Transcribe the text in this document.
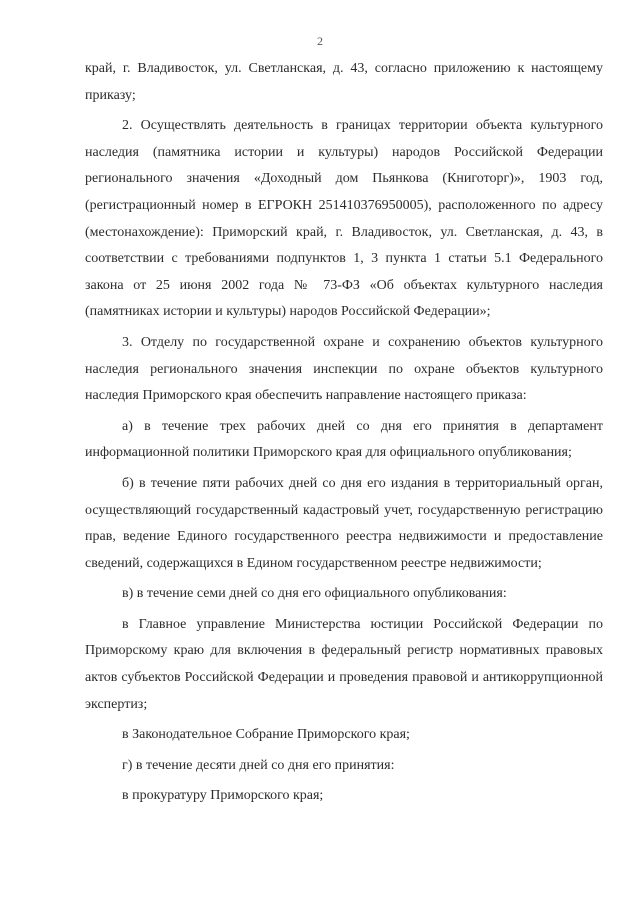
2

край, г. Владивосток, ул. Светланская, д. 43, согласно приложению к настоящему приказу;

2. Осуществлять деятельность в границах территории объекта культурного наследия (памятника истории и культуры) народов Российской Федерации регионального значения «Доходный дом Пьянкова (Книготорг)», 1903 год, (регистрационный номер в ЕГРОКН 251410376950005), расположенного по адресу (местонахождение): Приморский край, г. Владивосток, ул. Светланская, д. 43, в соответствии с требованиями подпунктов 1, 3 пункта 1 статьи 5.1 Федерального закона от 25 июня 2002 года № 73-ФЗ «Об объектах культурного наследия (памятниках истории и культуры) народов Российской Федерации»;

3. Отделу по государственной охране и сохранению объектов культурного наследия регионального значения инспекции по охране объектов культурного наследия Приморского края обеспечить направление настоящего приказа:

а) в течение трех рабочих дней со дня его принятия в департамент информационной политики Приморского края для официального опубликования;

б) в течение пяти рабочих дней со дня его издания в территориальный орган, осуществляющий государственный кадастровый учет, государственную регистрацию прав, ведение Единого государственного реестра недвижимости и предоставление сведений, содержащихся в Едином государственном реестре недвижимости;

в) в течение семи дней со дня его официального опубликования:

в Главное управление Министерства юстиции Российской Федерации по Приморскому краю для включения в федеральный регистр нормативных правовых актов субъектов Российской Федерации и проведения правовой и антикоррупционной экспертиз;

в Законодательное Собрание Приморского края;

г) в течение десяти дней со дня его принятия:

в прокуратуру Приморского края;
